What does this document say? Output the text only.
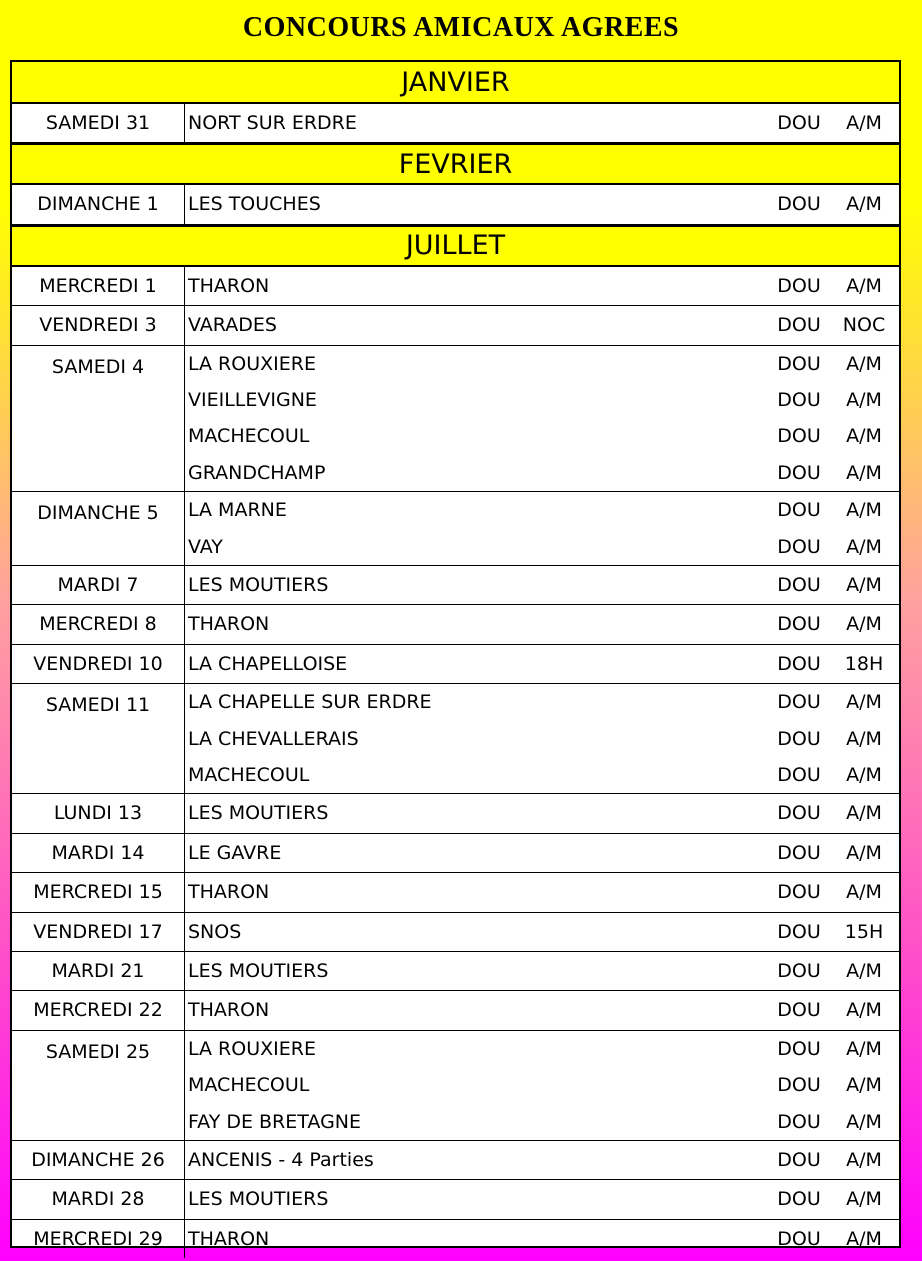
CONCOURS AMICAUX AGREES
JANVIER
SAMEDI 31	NORT SUR ERDRE	DOU	A/M
FEVRIER
DIMANCHE 1	LES TOUCHES	DOU	A/M
JUILLET
MERCREDI 1	THARON	DOU	A/M
VENDREDI 3	VARADES	DOU	NOC
SAMEDI 4	LA ROUXIERE	DOU	A/M
VIEILLEVIGNE	DOU	A/M
MACHECOUL	DOU	A/M
GRANDCHAMP	DOU	A/M
DIMANCHE 5	LA MARNE	DOU	A/M
VAY	DOU	A/M
MARDI 7	LES MOUTIERS	DOU	A/M
MERCREDI 8	THARON	DOU	A/M
VENDREDI 10	LA CHAPELLOISE	DOU	18H
SAMEDI 11	LA CHAPELLE SUR ERDRE	DOU	A/M
LA CHEVALLERAIS	DOU	A/M
MACHECOUL	DOU	A/M
LUNDI 13	LES MOUTIERS	DOU	A/M
MARDI 14	LE GAVRE	DOU	A/M
MERCREDI 15	THARON	DOU	A/M
VENDREDI 17	SNOS	DOU	15H
MARDI 21	LES MOUTIERS	DOU	A/M
MERCREDI 22	THARON	DOU	A/M
SAMEDI 25	LA ROUXIERE	DOU	A/M
MACHECOUL	DOU	A/M
FAY DE BRETAGNE	DOU	A/M
DIMANCHE 26	ANCENIS - 4 Parties	DOU	A/M
MARDI 28	LES MOUTIERS	DOU	A/M
MERCREDI 29	THARON	DOU	A/M
